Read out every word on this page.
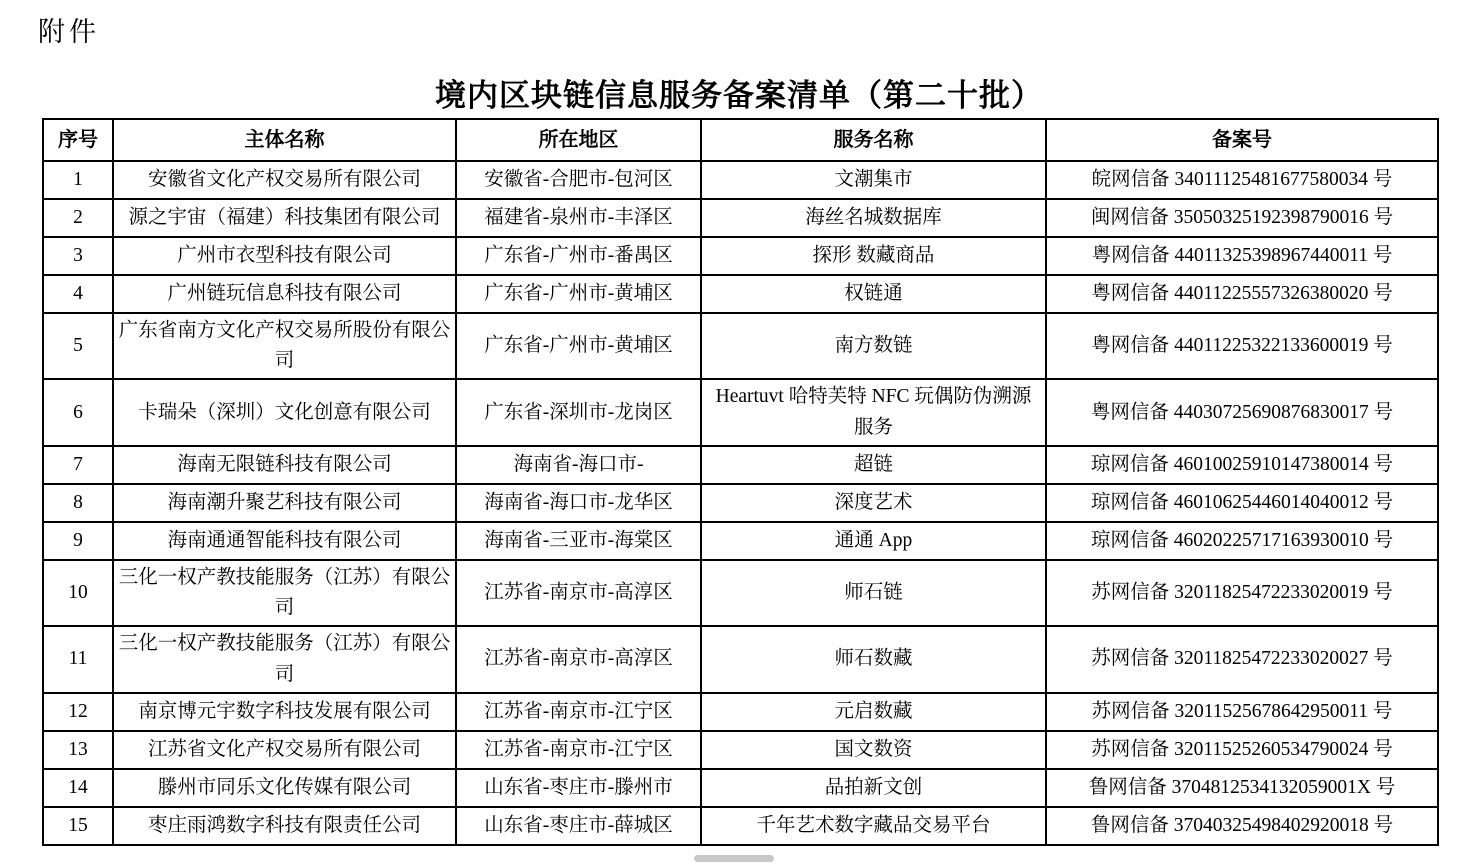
附件
境内区块链信息服务备案清单（第二十批）
序号	主体名称	所在地区	服务名称	备案号
1	安徽省文化产权交易所有限公司	安徽省-合肥市-包河区	文潮集市	皖网信备 34011125481677580034 号
2	源之宇宙（福建）科技集团有限公司	福建省-泉州市-丰泽区	海丝名城数据库	闽网信备 35050325192398790016 号
3	广州市衣型科技有限公司	广东省-广州市-番禺区	探形 数藏商品	粤网信备 44011325398967440011 号
4	广州链玩信息科技有限公司	广东省-广州市-黄埔区	权链通	粤网信备 44011225557326380020 号
5	广东省南方文化产权交易所股份有限公司	广东省-广州市-黄埔区	南方数链	粤网信备 44011225322133600019 号
6	卡瑞朵（深圳）文化创意有限公司	广东省-深圳市-龙岗区	Heartuvt 哈特芙特 NFC 玩偶防伪溯源服务	粤网信备 44030725690876830017 号
7	海南无限链科技有限公司	海南省-海口市-	超链	琼网信备 46010025910147380014 号
8	海南潮升聚艺科技有限公司	海南省-海口市-龙华区	深度艺术	琼网信备 46010625446014040012 号
9	海南通通智能科技有限公司	海南省-三亚市-海棠区	通通 App	琼网信备 46020225717163930010 号
10	三化一权产教技能服务（江苏）有限公司	江苏省-南京市-高淳区	师石链	苏网信备 32011825472233020019 号
11	三化一权产教技能服务（江苏）有限公司	江苏省-南京市-高淳区	师石数藏	苏网信备 32011825472233020027 号
12	南京博元宇数字科技发展有限公司	江苏省-南京市-江宁区	元启数藏	苏网信备 32011525678642950011 号
13	江苏省文化产权交易所有限公司	江苏省-南京市-江宁区	国文数资	苏网信备 32011525260534790024 号
14	滕州市同乐文化传媒有限公司	山东省-枣庄市-滕州市	品拍新文创	鲁网信备 3704812534132059001X 号
15	枣庄雨鸿数字科技有限责任公司	山东省-枣庄市-薛城区	千年艺术数字藏品交易平台	鲁网信备 37040325498402920018 号
